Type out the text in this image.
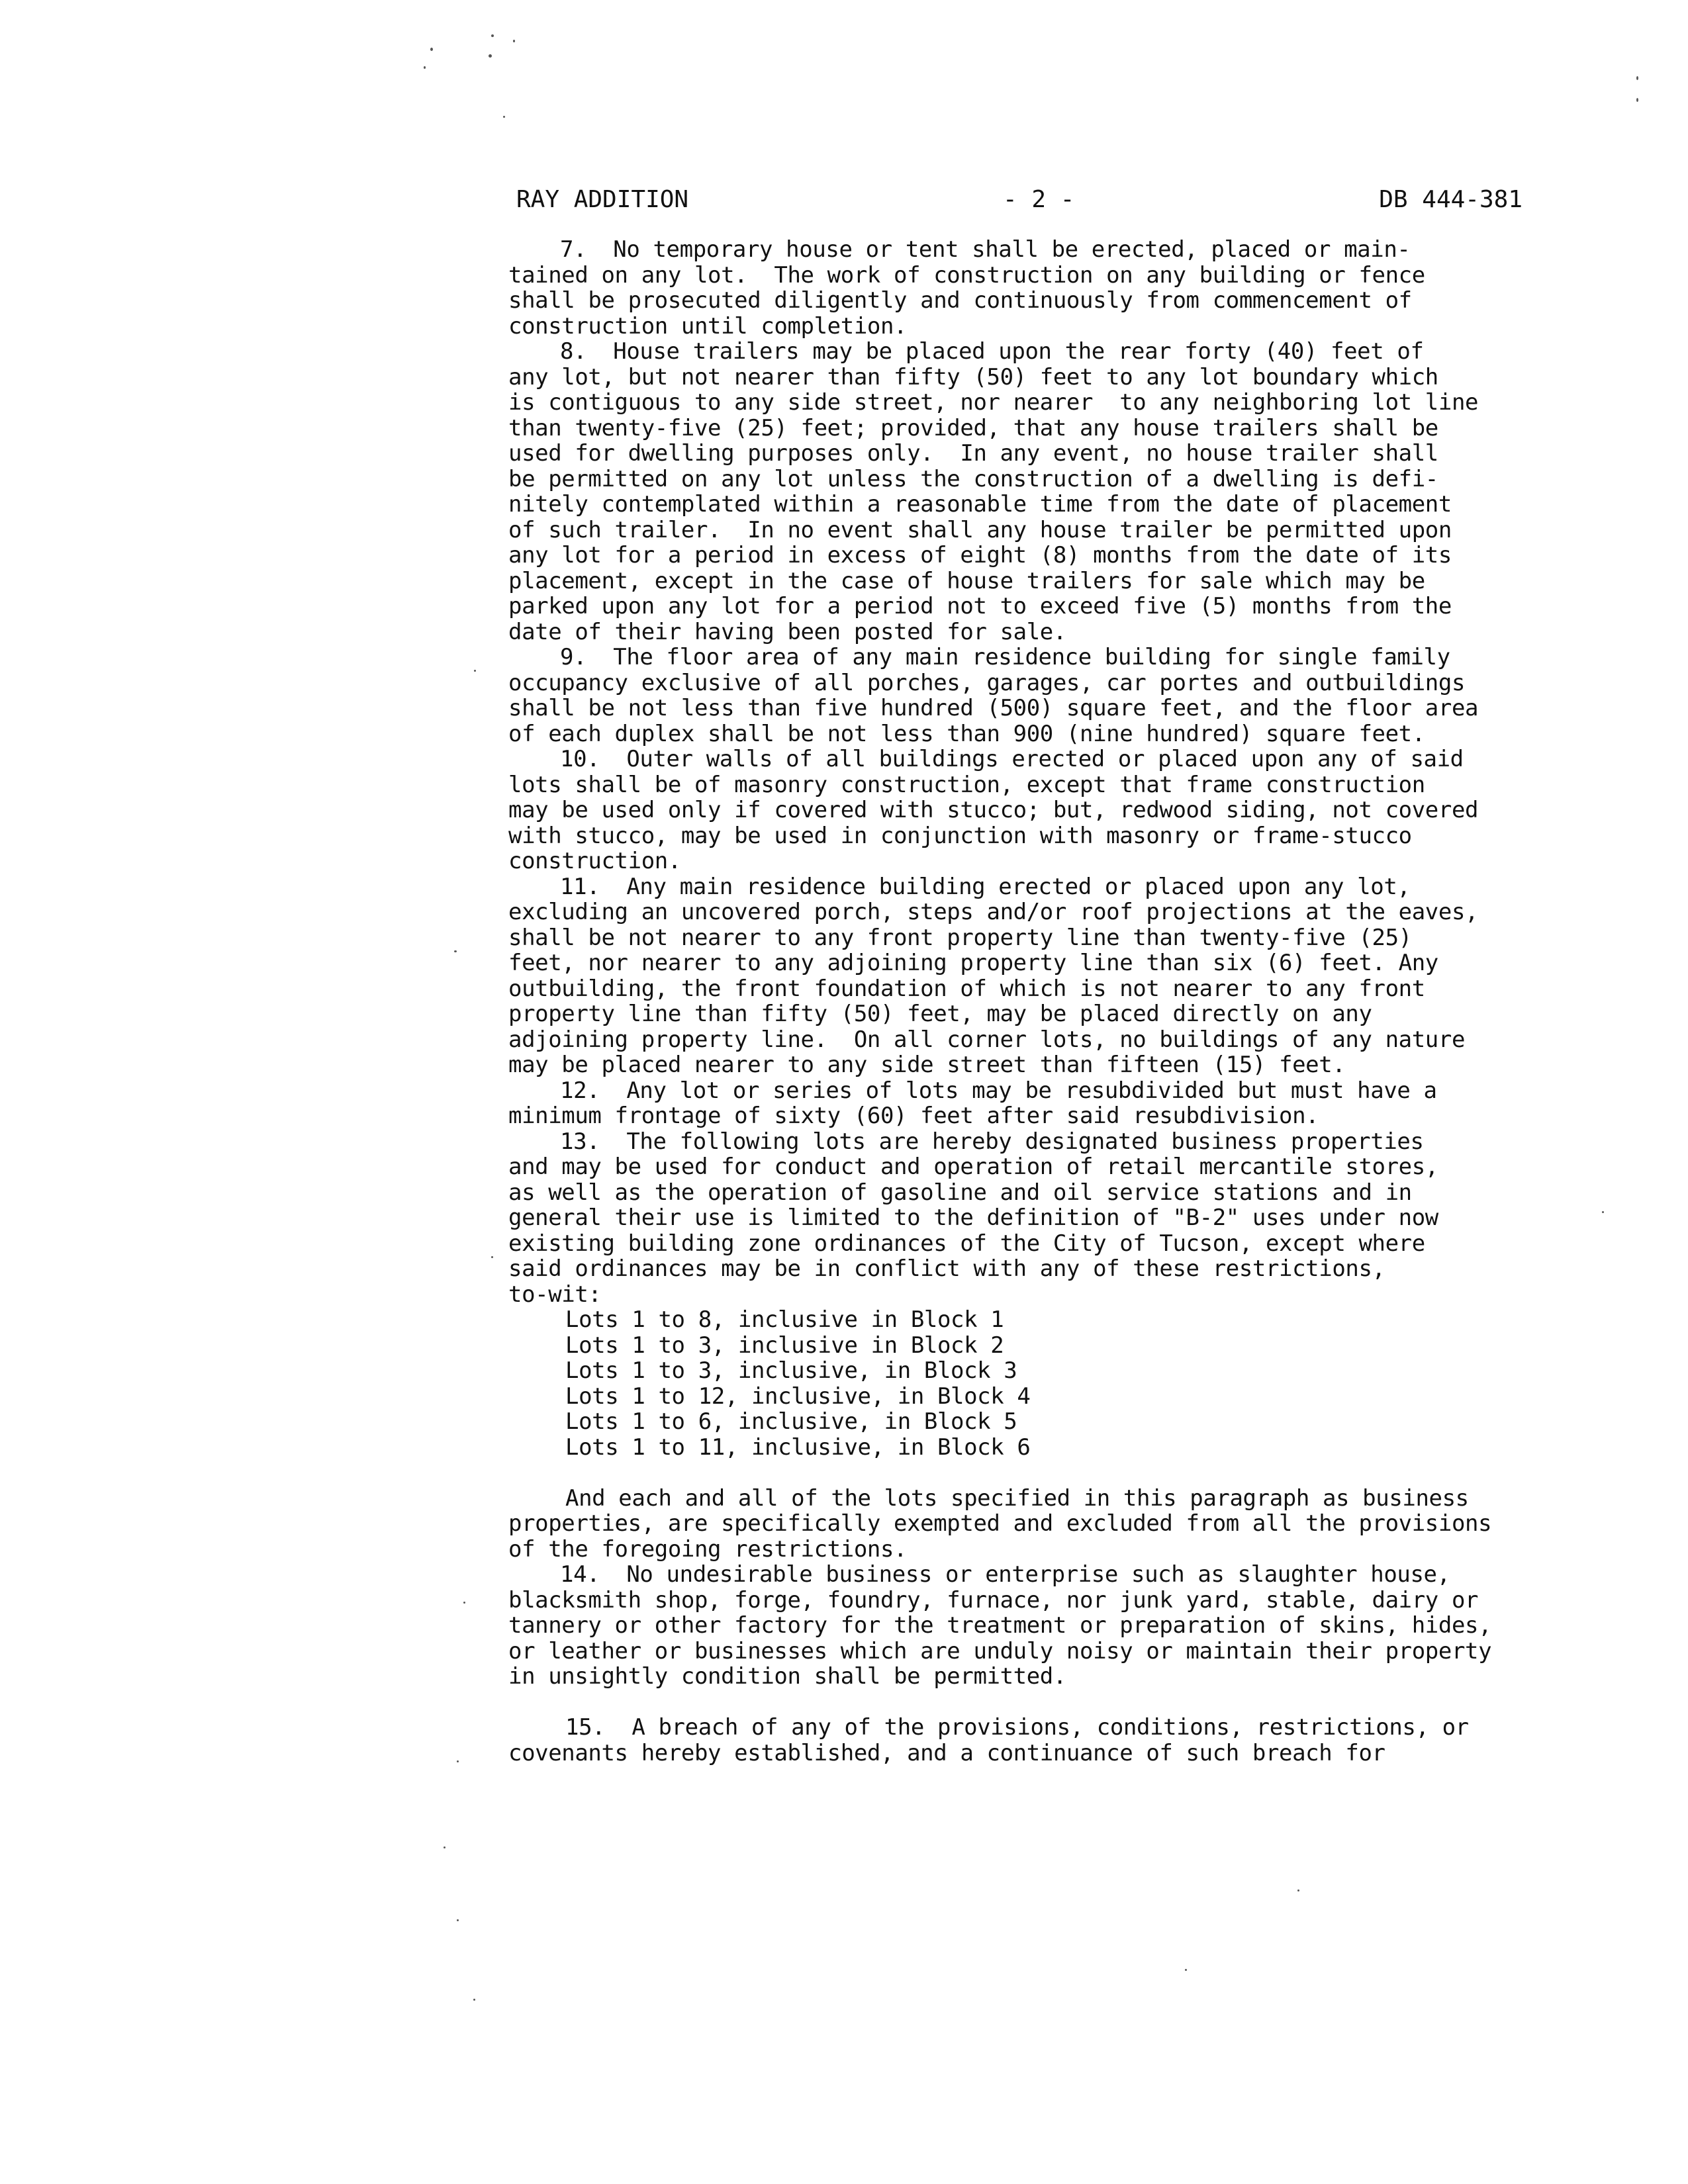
RAY ADDITION	- 2 -	DB 444-381
7.  No temporary house or tent shall be erected, placed or main-
tained on any lot.  The work of construction on any building or fence
shall be prosecuted diligently and continuously from commencement of
construction until completion.
8.  House trailers may be placed upon the rear forty (40) feet of
any lot, but not nearer than fifty (50) feet to any lot boundary which
is contiguous to any side street, nor nearer  to any neighboring lot line
than twenty-five (25) feet; provided, that any house trailers shall be
used for dwelling purposes only.  In any event, no house trailer shall
be permitted on any lot unless the construction of a dwelling is defi-
nitely contemplated within a reasonable time from the date of placement
of such trailer.  In no event shall any house trailer be permitted upon
any lot for a period in excess of eight (8) months from the date of its
placement, except in the case of house trailers for sale which may be
parked upon any lot for a period not to exceed five (5) months from the
date of their having been posted for sale.
9.  The floor area of any main residence building for single family
occupancy exclusive of all porches, garages, car portes and outbuildings
shall be not less than five hundred (500) square feet, and the floor area
of each duplex shall be not less than 900 (nine hundred) square feet.
10.  Outer walls of all buildings erected or placed upon any of said
lots shall be of masonry construction, except that frame construction
may be used only if covered with stucco; but, redwood siding, not covered
with stucco, may be used in conjunction with masonry or frame-stucco
construction.
11.  Any main residence building erected or placed upon any lot,
excluding an uncovered porch, steps and/or roof projections at the eaves,
shall be not nearer to any front property line than twenty-five (25)
feet, nor nearer to any adjoining property line than six (6) feet. Any
outbuilding, the front foundation of which is not nearer to any front
property line than fifty (50) feet, may be placed directly on any
adjoining property line.  On all corner lots, no buildings of any nature
may be placed nearer to any side street than fifteen (15) feet.
12.  Any lot or series of lots may be resubdivided but must have a
minimum frontage of sixty (60) feet after said resubdivision.
13.  The following lots are hereby designated business properties
and may be used for conduct and operation of retail mercantile stores,
as well as the operation of gasoline and oil service stations and in
general their use is limited to the definition of "B-2" uses under now
existing building zone ordinances of the City of Tucson, except where
said ordinances may be in conflict with any of these restrictions,
to-wit:
Lots 1 to 8, inclusive in Block 1
Lots 1 to 3, inclusive in Block 2
Lots 1 to 3, inclusive, in Block 3
Lots 1 to 12, inclusive, in Block 4
Lots 1 to 6, inclusive, in Block 5
Lots 1 to 11, inclusive, in Block 6
And each and all of the lots specified in this paragraph as business
properties, are specifically exempted and excluded from all the provisions
of the foregoing restrictions.
14.  No undesirable business or enterprise such as slaughter house,
blacksmith shop, forge, foundry, furnace, nor junk yard, stable, dairy or
tannery or other factory for the treatment or preparation of skins, hides,
or leather or businesses which are unduly noisy or maintain their property
in unsightly condition shall be permitted.
15.  A breach of any of the provisions, conditions, restrictions, or
covenants hereby established, and a continuance of such breach for
